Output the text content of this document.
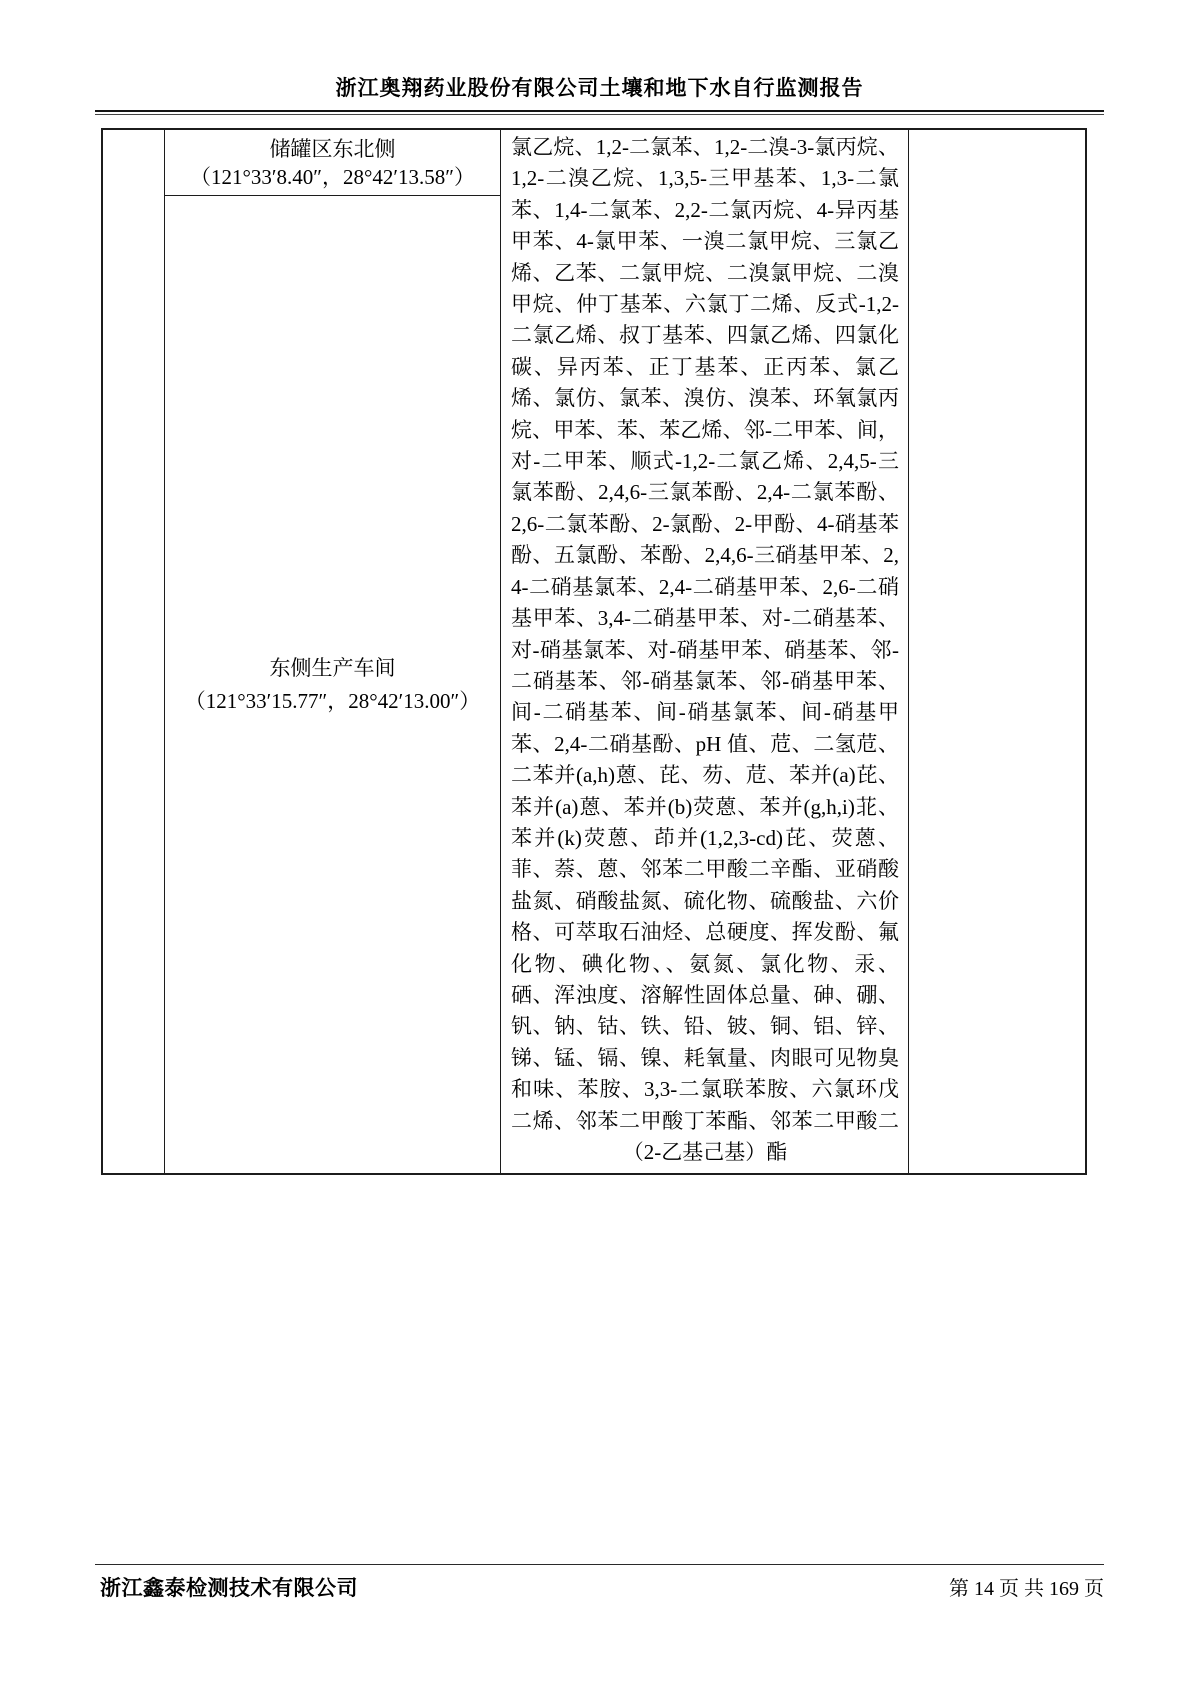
浙江奥翔药业股份有限公司土壤和地下水自行监测报告
储罐区东北侧
（121°33′8.40″，28°42′13.58″）
东侧生产车间
（121°33′15.77″，28°42′13.00″）

氯乙烷、1,2-二氯苯、1,2-二溴-3-氯丙烷、1,2-二溴乙烷、1,3,5-三甲基苯、1,3-二氯苯、1,4-二氯苯、2,2-二氯丙烷、4-异丙基甲苯、4-氯甲苯、一溴二氯甲烷、三氯乙烯、乙苯、二氯甲烷、二溴氯甲烷、二溴甲烷、仲丁基苯、六氯丁二烯、反式-1,2-二氯乙烯、叔丁基苯、四氯乙烯、四氯化碳、异丙苯、正丁基苯、正丙苯、氯乙烯、氯仿、氯苯、溴仿、溴苯、环氧氯丙烷、甲苯、苯、苯乙烯、邻-二甲苯、间，对-二甲苯、顺式-1,2-二氯乙烯、2,4,5-三氯苯酚、2,4,6-三氯苯酚、2,4-二氯苯酚、2,6-二氯苯酚、2-氯酚、2-甲酚、4-硝基苯酚、五氯酚、苯酚、2,4,6-三硝基甲苯、2,4-二硝基氯苯、2,4-二硝基甲苯、2,6-二硝基甲苯、3,4-二硝基甲苯、对-二硝基苯、对-硝基氯苯、对-硝基甲苯、硝基苯、邻-二硝基苯、邻-硝基氯苯、邻-硝基甲苯、间-二硝基苯、间-硝基氯苯、间-硝基甲苯、2,4-二硝基酚、pH 值、苊、二氢苊、二苯并(a,h)蒽、芘、芴、苊、苯并(a)芘、苯并(a)蒽、苯并(b)荧蒽、苯并(g,h,i)苝、苯并(k)荧蒽、茚并(1,2,3-cd)芘、荧蒽、菲、萘、蒽、邻苯二甲酸二辛酯、亚硝酸盐氮、硝酸盐氮、硫化物、硫酸盐、六价格、可萃取石油烃、总硬度、挥发酚、氟化物、碘化物、、氨氮、氯化物、汞、硒、浑浊度、溶解性固体总量、砷、硼、钒、钠、钴、铁、铅、铍、铜、铝、锌、锑、锰、镉、镍、耗氧量、肉眼可见物臭和味、苯胺、3,3-二氯联苯胺、六氯环戊二烯、邻苯二甲酸丁苯酯、邻苯二甲酸二（2-乙基己基）酯

浙江鑫泰检测技术有限公司	第 14 页 共 169 页
